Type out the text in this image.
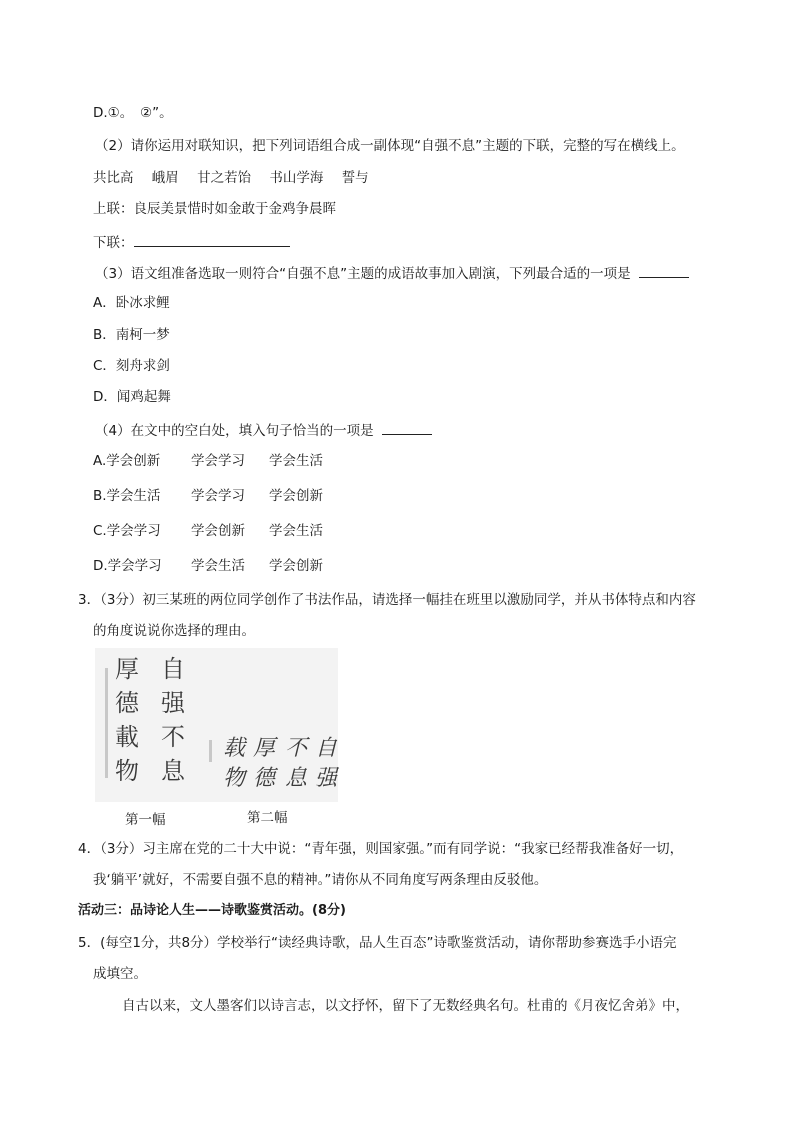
D.①。　②”。
（2）请你运用对联知识，把下列词语组合成一副体现“自强不息”主题的下联，完整的写在横线上。
共比高 峨眉 甘之若饴 书山学海 誓与
上联：良辰美景惜时如金敢于金鸡争晨晖
下联：
（3）语文组准备选取一则符合“自强不息”主题的成语故事加入剧演，下列最合适的一项是
A．卧冰求鲤
B．南柯一梦
C．刻舟求剑
D．闻鸡起舞
（4）在文中的空白处，填入句子恰当的一项是
A.学会创新 学会学习 学会生活
B.学会生活 学会学习 学会创新
C.学会学习 学会创新 学会生活
D.学会学习 学会生活 学会创新
3．（3分）初三某班的两位同学创作了书法作品，请选择一幅挂在班里以激励同学，并从书体特点和内容
的角度说说你选择的理由。
厚
德
載
物
自
强
不
息
载
物
厚
德
不
息
自
强
第一幅	第二幅
4．（3分）习主席在党的二十大中说：“青年强，则国家强。”而有同学说：“我家已经帮我准备好一切，
我‘躺平’就好，不需要自强不息的精神。”请你从不同角度写两条理由反驳他。
活动三：品诗论人生——诗歌鉴赏活动。(8分)
5．(每空1分，共8分）学校举行“读经典诗歌，品人生百态”诗歌鉴赏活动，请你帮助参赛选手小语完
成填空。
自古以来，文人墨客们以诗言志，以文抒怀，留下了无数经典名句。杜甫的《月夜忆舍弟》中，
